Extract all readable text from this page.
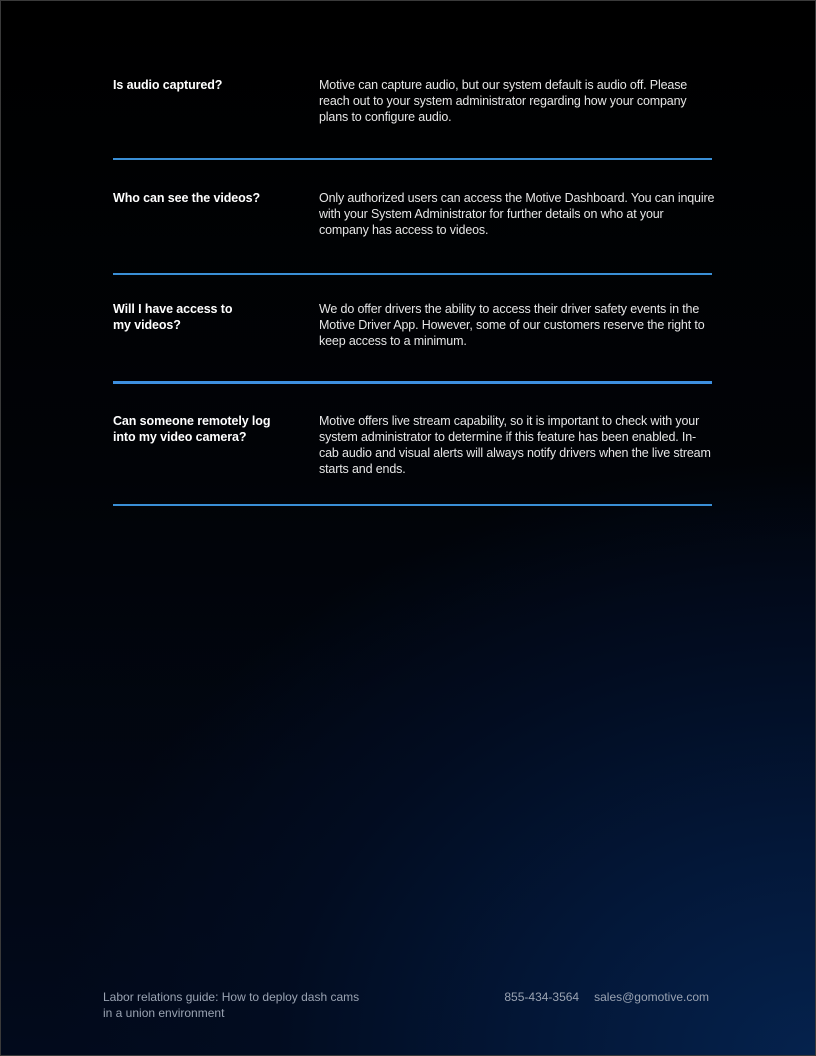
Is audio captured?	Motive can capture audio, but our system default is audio off. Please reach out to your system administrator regarding how your company plans to configure audio.
Who can see the videos?	Only authorized users can access the Motive Dashboard. You can inquire with your System Administrator for further details on who at your company has access to videos.
Will I have access to my videos?
We do offer drivers the ability to access their driver safety events in the Motive Driver App. However, some of our customers reserve the right to keep access to a minimum.
Can someone remotely log into my video camera?
Motive offers live stream capability, so it is important to check with your system administrator to determine if this feature has been enabled. In-cab audio and visual alerts will always notify drivers when the live stream starts and ends.
Labor relations guide: How to deploy dash cams in a union environment
855-434-3564 sales@gomotive.com
